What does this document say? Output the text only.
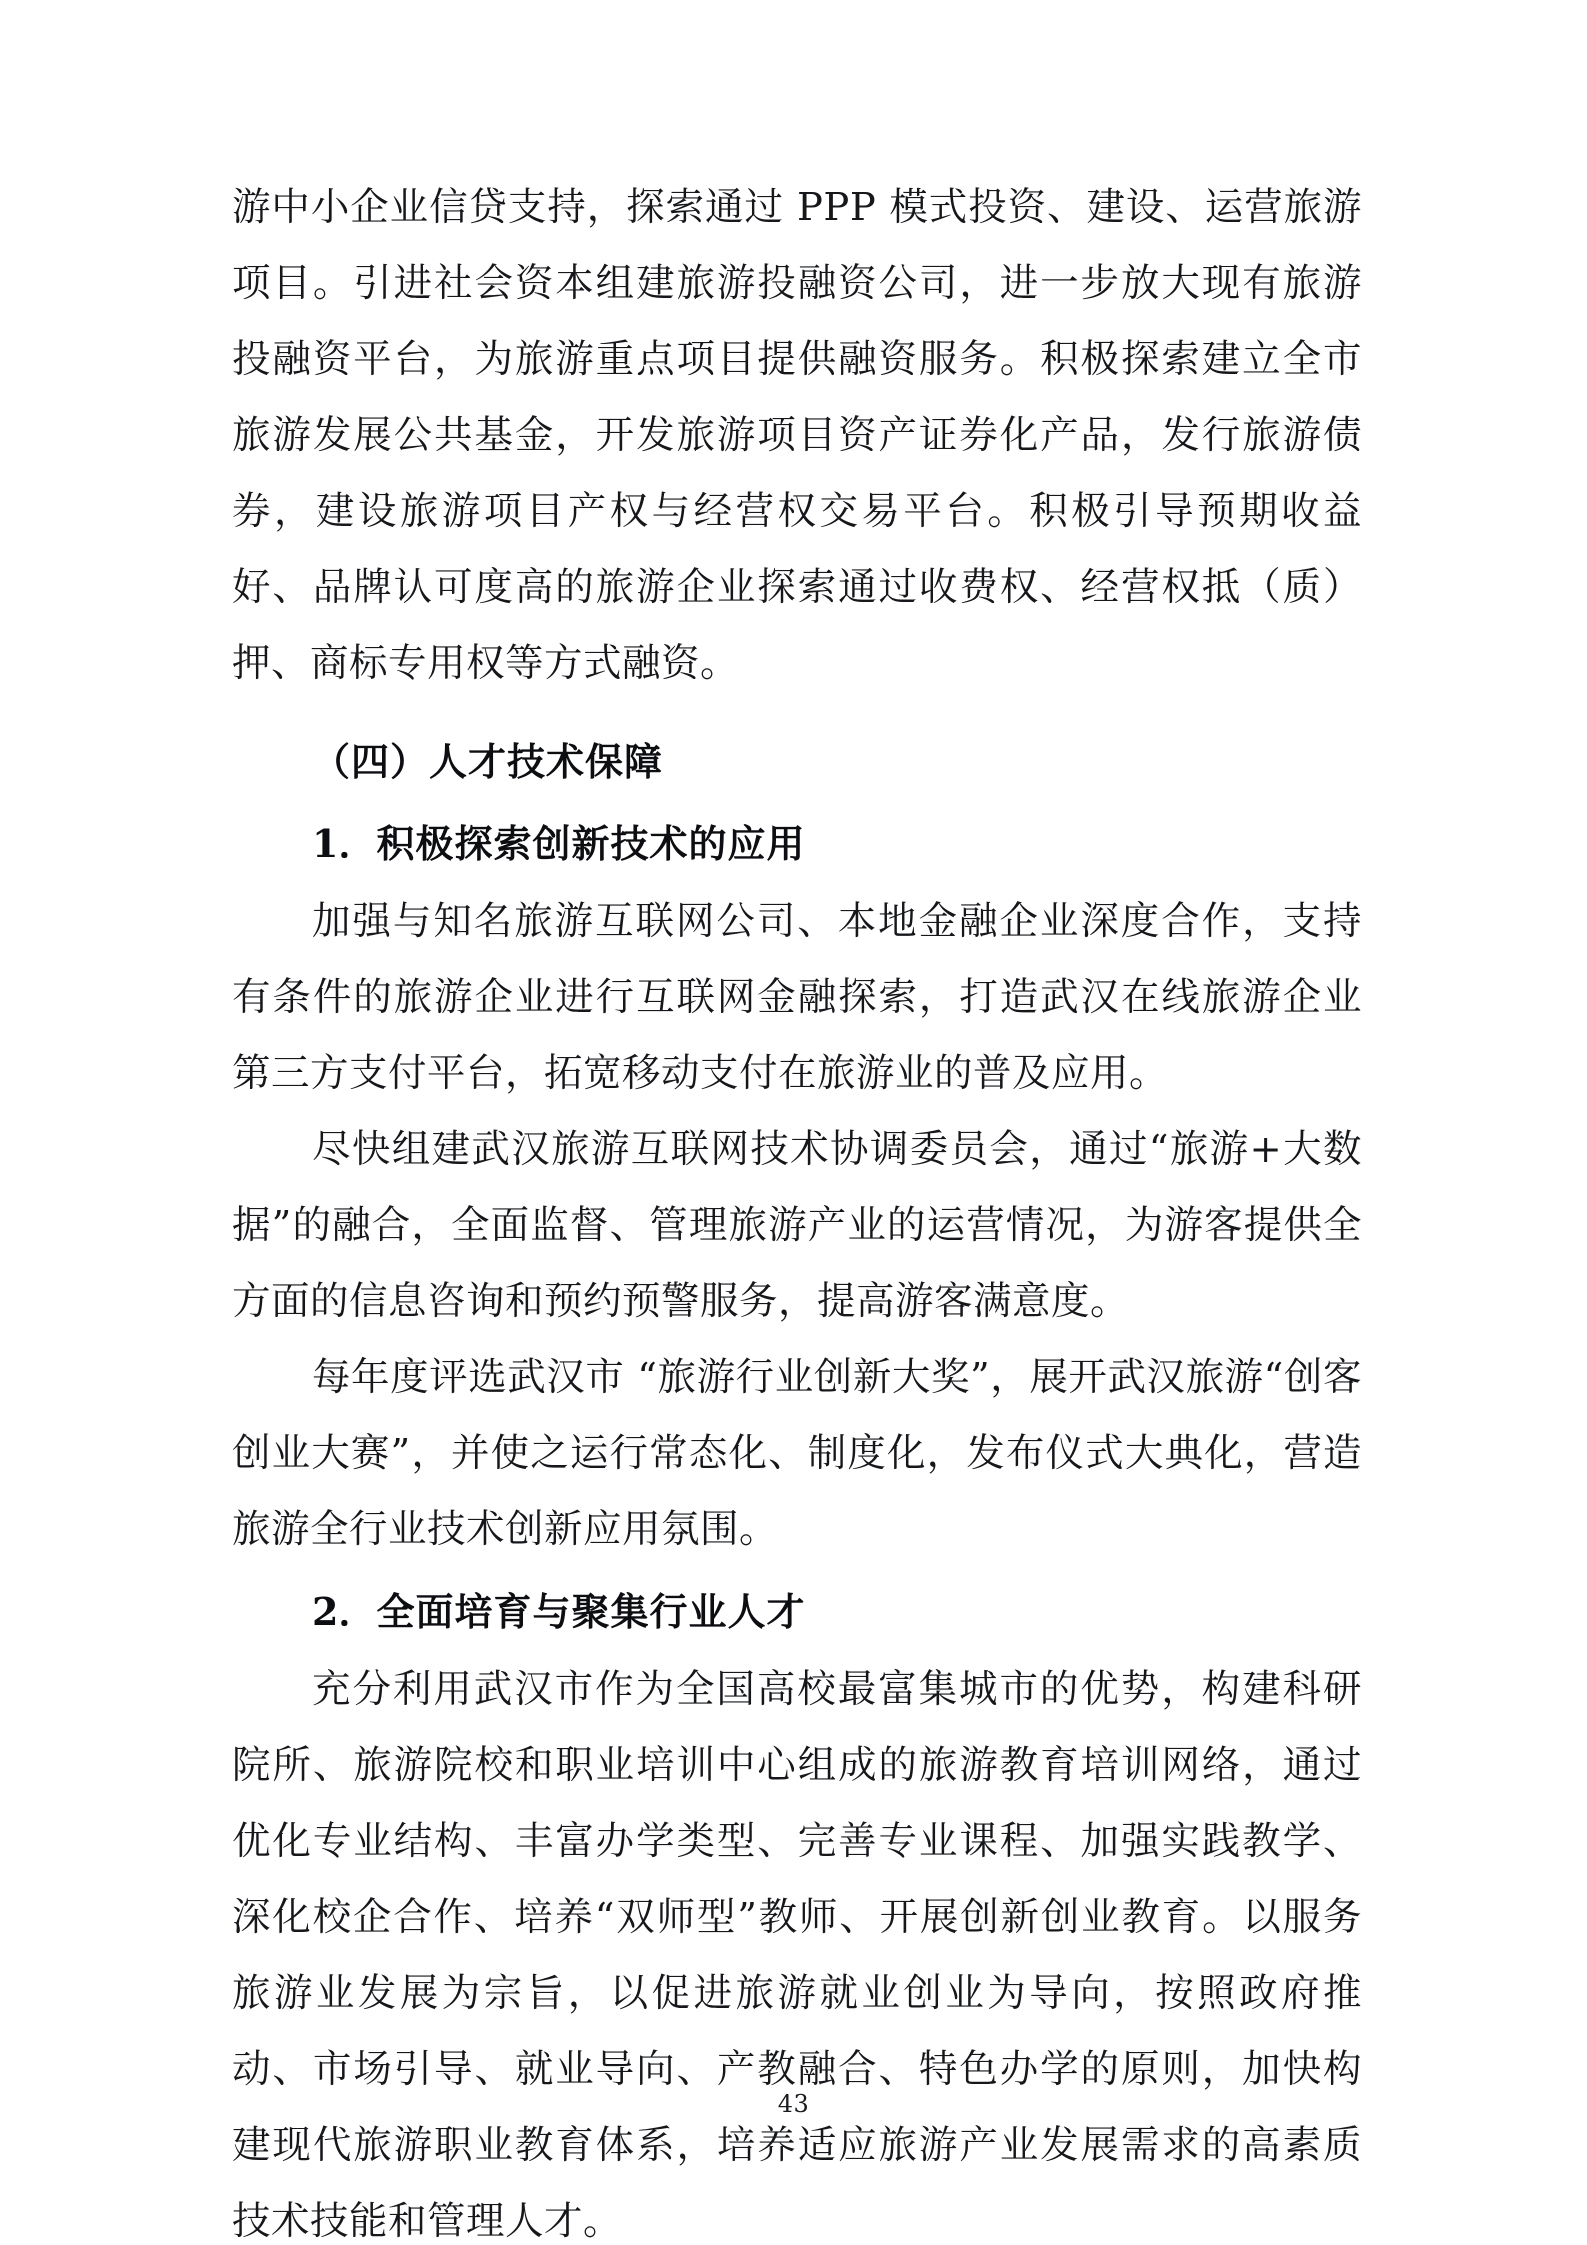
游中小企业信贷支持，探索通过 PPP 模式投资、建设、运营旅游项目。引进社会资本组建旅游投融资公司，进一步放大现有旅游投融资平台，为旅游重点项目提供融资服务。积极探索建立全市旅游发展公共基金，开发旅游项目资产证券化产品，发行旅游债券，建设旅游项目产权与经营权交易平台。积极引导预期收益好、品牌认可度高的旅游企业探索通过收费权、经营权抵（质）押、商标专用权等方式融资。

（四）人才技术保障
1．积极探索创新技术的应用

加强与知名旅游互联网公司、本地金融企业深度合作，支持有条件的旅游企业进行互联网金融探索，打造武汉在线旅游企业第三方支付平台，拓宽移动支付在旅游业的普及应用。

尽快组建武汉旅游互联网技术协调委员会，通过“旅游+大数据”的融合，全面监督、管理旅游产业的运营情况，为游客提供全方面的信息咨询和预约预警服务，提高游客满意度。

每年度评选武汉市 “旅游行业创新大奖”，展开武汉旅游“创客创业大赛”，并使之运行常态化、制度化，发布仪式大典化，营造旅游全行业技术创新应用氛围。

2．全面培育与聚集行业人才

充分利用武汉市作为全国高校最富集城市的优势，构建科研院所、旅游院校和职业培训中心组成的旅游教育培训网络，通过优化专业结构、丰富办学类型、完善专业课程、加强实践教学、深化校企合作、培养“双师型”教师、开展创新创业教育。以服务旅游业发展为宗旨，以促进旅游就业创业为导向，按照政府推动、市场引导、就业导向、产教融合、特色办学的原则，加快构建现代旅游职业教育体系，培养适应旅游产业发展需求的高素质技术技能和管理人才。

43
